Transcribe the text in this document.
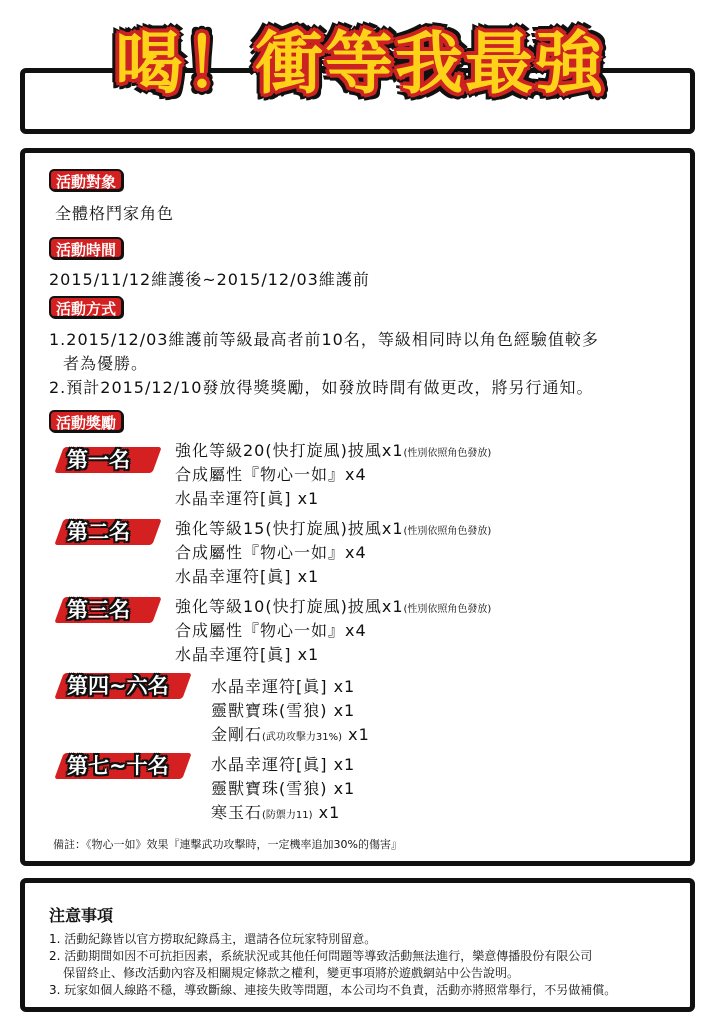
喝！衝等我最強
活動對象
全體格鬥家角色
活動時間
2015/11/12維護後~2015/12/03維護前
活動方式
1.2015/12/03維護前等級最高者前10名，等級相同時以角色經驗值較多
者為優勝。
2.預計2015/12/10發放得獎獎勵，如發放時間有做更改，將另行通知。
活動獎勵
第一名	強化等級20(快打旋風)披風x1(性別依照角色發放)
合成屬性『物心一如』x4
水晶幸運符[眞] x1
第二名	強化等級15(快打旋風)披風x1(性別依照角色發放)
合成屬性『物心一如』x4
水晶幸運符[眞] x1
第三名	強化等級10(快打旋風)披風x1(性別依照角色發放)
合成屬性『物心一如』x4
水晶幸運符[眞] x1
第四~六名	水晶幸運符[眞] x1
靈獸寶珠(雪狼) x1
金剛石(武功攻擊力31%) x1
第七~十名	水晶幸運符[眞] x1
靈獸寶珠(雪狼) x1
寒玉石(防禦力11) x1
備註：《物心一如》效果『連擊武功攻擊時，一定機率追加30%的傷害』
注意事項
1. 活動紀錄皆以官方撈取紀錄爲主，還請各位玩家特別留意。
2. 活動期間如因不可抗拒因素，系統狀況或其他任何問題等導致活動無法進行，樂意傳播股份有限公司
保留終止、修改活動內容及相關規定條款之權利，變更事項將於遊戲網站中公告說明。
3. 玩家如個人線路不穩，導致斷線、連接失敗等問題，本公司均不負責，活動亦將照常舉行，不另做補償。
